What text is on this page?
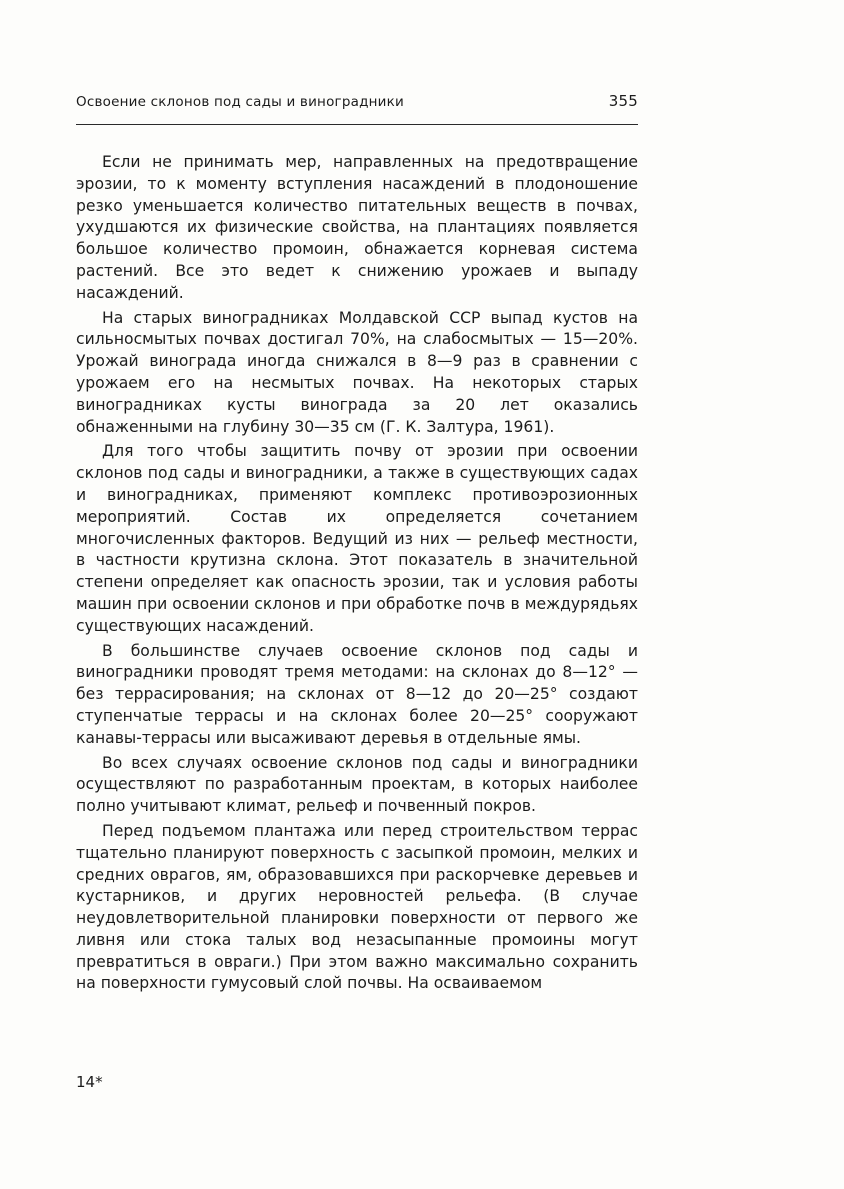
Освоение склонов под сады и виноградники	355

Если не принимать мер, направленных на предотвращение эрозии, то к моменту вступления насаждений в плодоношение резко уменьшается количество питательных веществ в почвах, ухудшаются их физические свойства, на плантациях появляется большое количество промоин, обнажается корневая система растений. Все это ведет к снижению урожаев и выпаду насаждений.

На старых виноградниках Молдавской ССР выпад кустов на сильносмытых почвах достигал 70%, на слабосмытых — 15—20%. Урожай винограда иногда снижался в 8—9 раз в сравнении с урожаем его на несмытых почвах. На некоторых старых виноградниках кусты винограда за 20 лет оказались обнаженными на глубину 30—35 см (Г. К. Залтура, 1961).

Для того чтобы защитить почву от эрозии при освоении склонов под сады и виноградники, а также в существующих садах и виноградниках, применяют комплекс противоэрозионных мероприятий. Состав их определяется сочетанием многочисленных факторов. Ведущий из них — рельеф местности, в частности крутизна склона. Этот показатель в значительной степени определяет как опасность эрозии, так и условия работы машин при освоении склонов и при обработке почв в междурядьях существующих насаждений.

В большинстве случаев освоение склонов под сады и виноградники проводят тремя методами: на склонах до 8—12° — без террасирования; на склонах от 8—12 до 20—25° создают ступенчатые террасы и на склонах более 20—25° сооружают канавы-террасы или высаживают деревья в отдельные ямы.

Во всех случаях освоение склонов под сады и виноградники осуществляют по разработанным проектам, в которых наиболее полно учитывают климат, рельеф и почвенный покров.

Перед подъемом плантажа или перед строительством террас тщательно планируют поверхность с засыпкой промоин, мелких и средних оврагов, ям, образовавшихся при раскорчевке деревьев и кустарников, и других неровностей рельефа. (В случае неудовлетворительной планировки поверхности от первого же ливня или стока талых вод незасыпанные промоины могут превратиться в овраги.) При этом важно максимально сохранить на поверхности гумусовый слой почвы. На осваиваемом

14*
